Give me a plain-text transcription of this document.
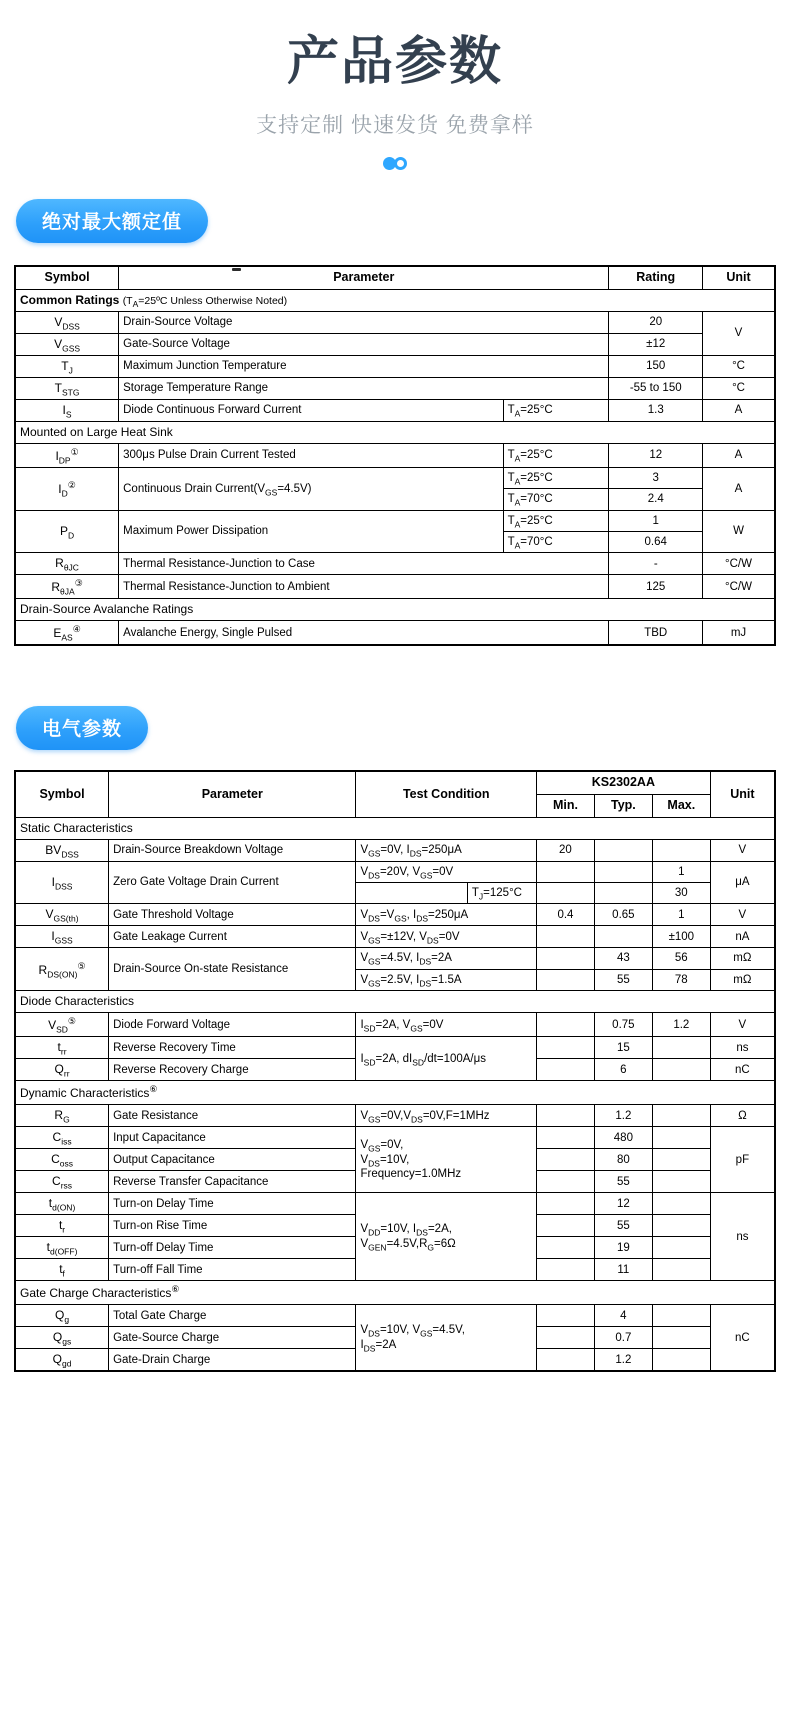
产品参数
支持定制 快速发货 免费拿样
绝对最大额定值
Symbol	Parameter		Rating	Unit
Common Ratings ($T_A=25ºC$ Unless Otherwise Noted)				
$V_{DSS}$	Drain-Source Voltage		20	V
$V_{GSS}$	Gate-Source Voltage		±12	
$T_J$	Maximum Junction Temperature		150	°C
$T_{STG}$	Storage Temperature Range		-55 to 150	°C
$I_S$	Diode Continuous Forward Current	$T_A=25^\circ C$	1.3	A
Mounted on Large Heat Sink				
$I_{DP}^①$	300μs Pulse Drain Current Tested	$T_A=25^\circ C$	12	A
$I_D^②$	Continuous Drain $Current(V_{GS}=4.5V)$	$T_A=25^\circ C$	3	A
		$T_A=70^\circ C$	2.4	
$P_D$	Maximum Power Dissipation	$T_A=25^\circ C$	1	W
		$T_A=70^\circ C$	0.64	
$R_{\theta JC}$	Thermal Resistance-Junction to Case		-	°C/W
$R_{\theta JA}^③$	Thermal Resistance-Junction to Ambient		125	°C/W
Drain-Source Avalanche Ratings				
$E_{AS}^④$	Avalanche Energy, Single Pulsed		TBD	mJ
电气参数
Symbol	Parameter	Test Condition		KS2302AA			Unit
				Min.	Typ.	Max.	
Static Characteristics							
$BV_{DSS}$	Drain-Source Breakdown Voltage	$V_{GS}=0V$, $I_{DS}=250\mu A$		20			V
$I_{DSS}$	Zero Gate Voltage Drain Current	$V_{DS}=20V$, $V_{GS}=0V$				1	μA
			$T_J=125^\circ C$			30	
$V_{GS(th)}$	Gate Threshold Voltage	$V_{DS}=V_{GS}$, $I_{DS}=250\mu A$		0.4	0.65	1	V
$I_{GSS}$	Gate Leakage Current	$V_{GS}=\pm 12V$, $V_{DS}=0V$				±100	nA
$R_{DS(ON)}^⑤$	Drain-Source On-state Resistance	$V_{GS}=4.5V$, $I_{DS}=2A$			43	56	mΩ
		$V_{GS}=2.5V$, $I_{DS}=1.5A$			55	78	mΩ
Diode Characteristics							
$V_{SD}^⑤$	Diode Forward Voltage	$I_{SD}=2A$, $V_{GS}=0V$			0.75	1.2	V
$t_{rr}$	Reverse Recovery Time	$I_{SD}=2A$, $dI_{SD}/dt=100A/\mu s$			15		ns
$Q_{rr}$	Reverse Recovery Charge				6		nC
Dynamic Characteristics⑥
$R_G$	Gate Resistance	$V_{GS}=0V,V_{DS}=0V,F=1MHz$			1.2		Ω
$C_{iss}$	Input Capacitance	$V_{GS}=0V$,
$V_{DS}=10V$,
Frequency=1.0MHz			480		pF
$C_{oss}$	Output Capacitance				80		
$C_{rss}$	Reverse Transfer Capacitance				55		
$t_{d(ON)}$	Turn-on Delay Time	$V_{DD}=10V$, $I_{DS}=2A$,
$V_{GEN}=4.5V,R_G=6\Omega$			12		ns
$t_r$	Turn-on Rise Time				55		
$t_{d(OFF)}$	Turn-off Delay Time				19		
$t_f$	Turn-off Fall Time				11		
Gate Charge Characteristics⑥
$Q_g$	Total Gate Charge	$V_{DS}=10V$, $V_{GS}=4.5V$,
$I_{DS}=2A$			4		nC
$Q_{gs}$	Gate-Source Charge				0.7		
$Q_{gd}$	Gate-Drain Charge				1.2		
